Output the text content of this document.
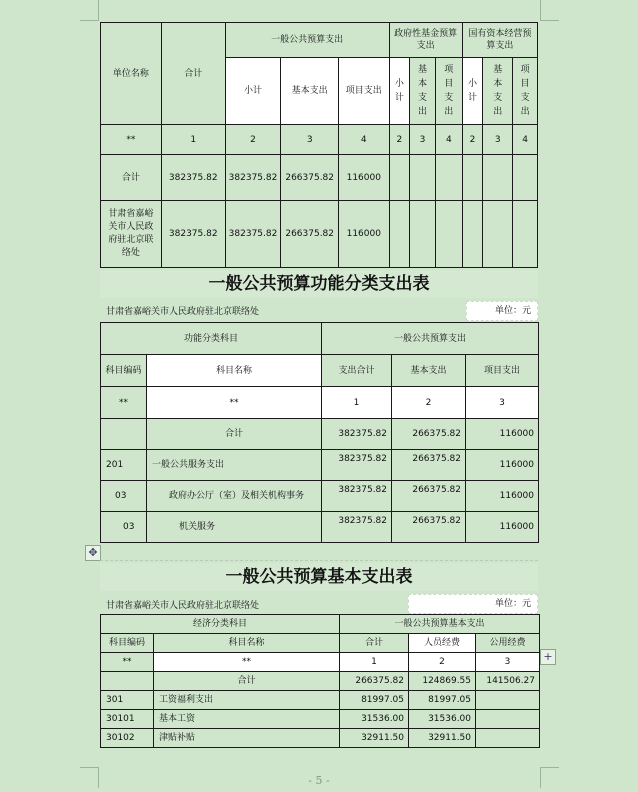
单位名称	合计	一般公共预算支出			政府性基金预算支出			国有资本经营预算支出		
		小计	基本支出	项目支出	小计	基本支出	项目支出	小计	基本支出	项目支出

**	1	2	3	4	2	3	4	2	3	4
合计	382375.82	382375.82	266375.82	116000						

甘肃省嘉峪关市人民政府驻北京联络处	382375.82	382375.82	266375.82	116000						
一般公共预算功能分类支出表
甘肃省嘉峪关市人民政府驻北京联络处	单位：元
功能分类科目		一般公共预算支出		
科目编码	科目名称	支出合计	基本支出	项目支出
**	**	1	2	3
	合计	382375.82	266375.82	116000
201	一般公共服务支出	382375.82	266375.82	116000
03	政府办公厅（室）及相关机构事务	382375.82	266375.82	116000
03	机关服务	382375.82	266375.82	116000
✥
一般公共预算基本支出表
甘肃省嘉峪关市人民政府驻北京联络处	单位：元
经济分类科目		一般公共预算基本支出		
科目编码	科目名称	合计	人员经费	公用经费
**	**	1	2	3
	合计	266375.82	124869.55	141506.27
301	工资福利支出	81997.05	81997.05	
30101	基本工资	31536.00	31536.00	
30102	津贴补贴	32911.50	32911.50	
+
- 5 -
